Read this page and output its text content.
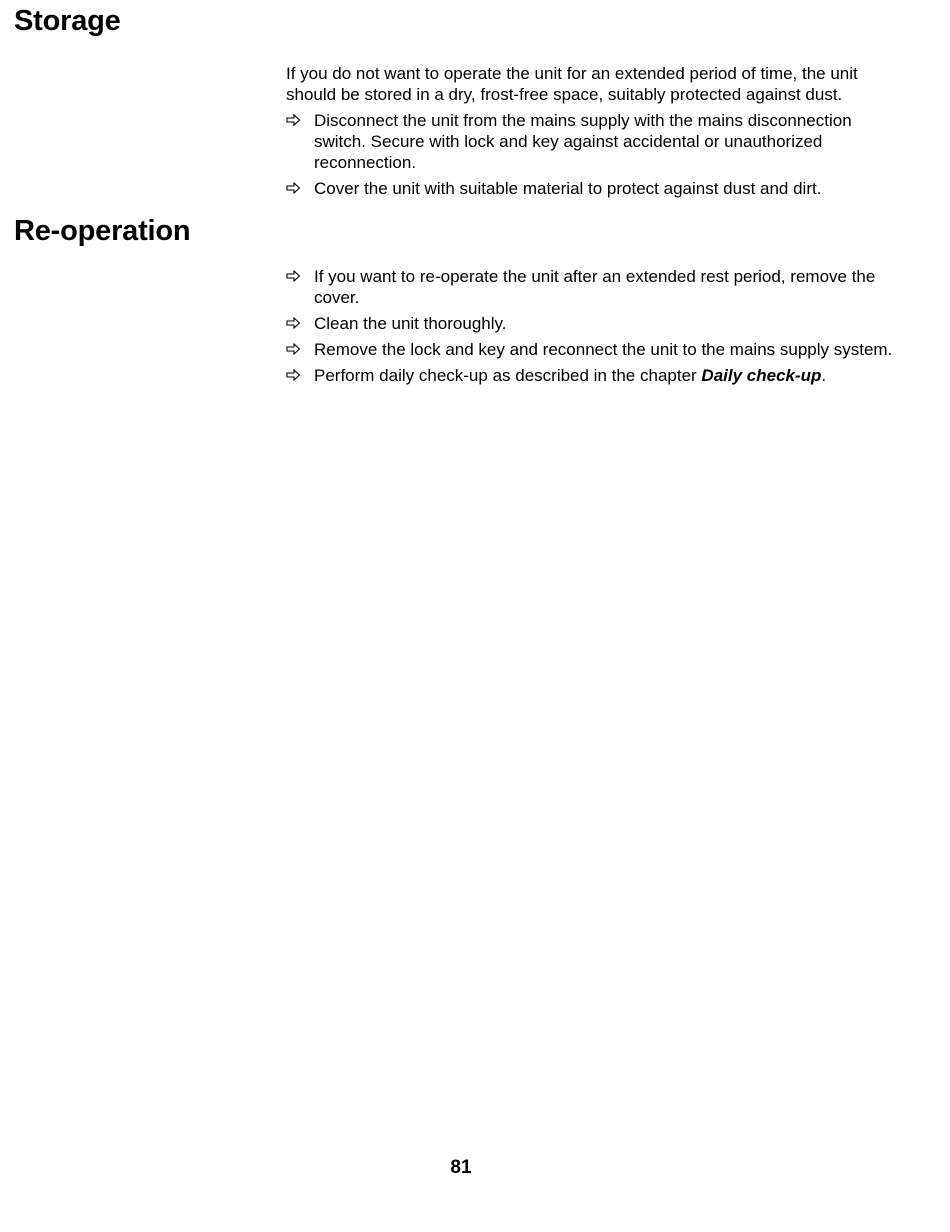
Storage

If you do not want to operate the unit for an extended period of time, the unit should be stored in a dry, frost-free space, suitably protected against dust.

Disconnect the unit from the mains supply with the mains disconnection switch. Secure with lock and key against accidental or unauthorized reconnection.
Cover the unit with suitable material to protect against dust and dirt.
Re-operation
If you want to re-operate the unit after an extended rest period, remove the cover.
Clean the unit thoroughly.
Remove the lock and key and reconnect the unit to the mains supply system.
Perform daily check-up as described in the chapter Daily check-up.
81
